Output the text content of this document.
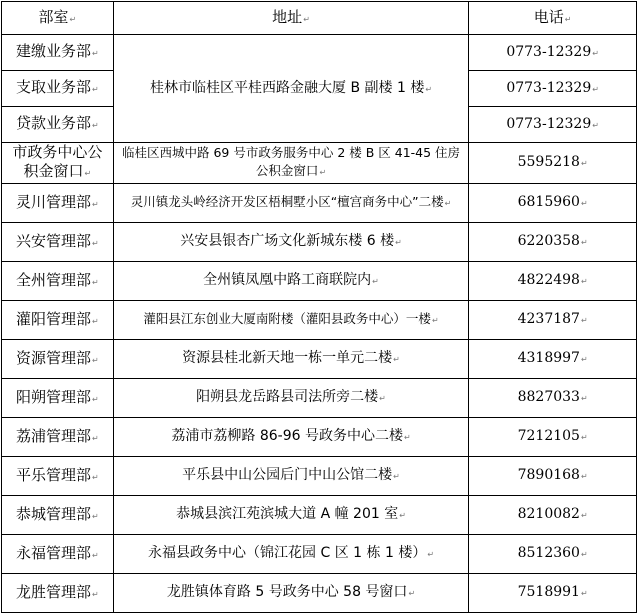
部室↵	地址↵	电话↵
建缴业务部↵	桂林市临桂区平桂西路金融大厦 B 副楼 1 楼↵	0773-12329↵
支取业务部↵		0773-12329↵
贷款业务部↵		0773-12329↵
市政务中心公积金窗口↵	临桂区西城中路 69 号市政务服务中心 2 楼 B 区 41-45 住房公积金窗口↵	5595218↵
灵川管理部↵	灵川镇龙头岭经济开发区梧桐墅小区“檀宫商务中心”二楼↵	6815960↵
兴安管理部↵	兴安县银杏广场文化新城东楼 6 楼↵	6220358↵
全州管理部↵	全州镇凤凰中路工商联院内↵	4822498↵
灌阳管理部↵	灌阳县江东创业大厦南附楼（灌阳县政务中心）一楼↵	4237187↵
资源管理部↵	资源县桂北新天地一栋一单元二楼↵	4318997↵
阳朔管理部↵	阳朔县龙岳路县司法所旁二楼↵	8827033↵
荔浦管理部↵	荔浦市荔柳路 86-96 号政务中心二楼↵	7212105↵
平乐管理部↵	平乐县中山公园后门中山公馆二楼↵	7890168↵
恭城管理部↵	恭城县滨江苑滨城大道 A 幢 201 室↵	8210082↵
永福管理部↵	永福县政务中心（锦江花园 C 区 1 栋 1 楼）↵	8512360↵
龙胜管理部↵	龙胜镇体育路 5 号政务中心 58 号窗口↵	7518991↵
